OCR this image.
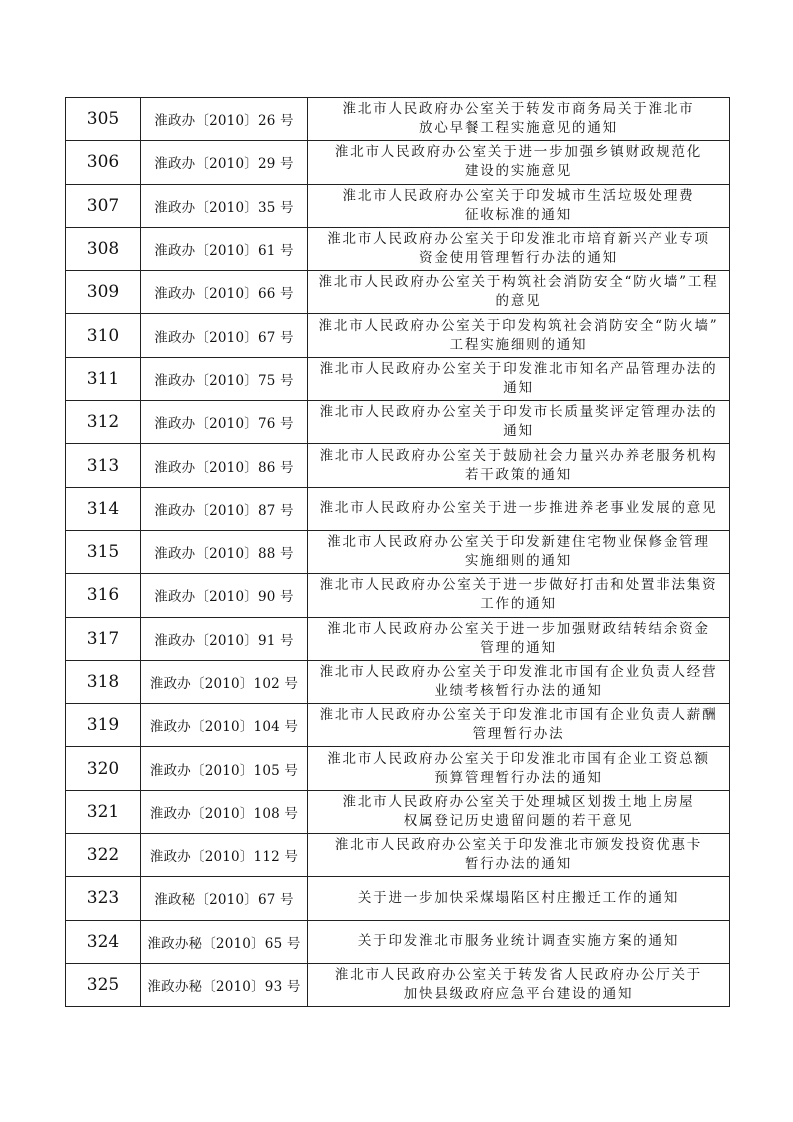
305	淮政办〔2010〕26 号	淮北市人民政府办公室关于转发市商务局关于淮北市
放心早餐工程实施意见的通知

306	淮政办〔2010〕29 号	淮北市人民政府办公室关于进一步加强乡镇财政规范化
建设的实施意见

307	淮政办〔2010〕35 号	淮北市人民政府办公室关于印发城市生活垃圾处理费
征收标准的通知

308	淮政办〔2010〕61 号	淮北市人民政府办公室关于印发淮北市培育新兴产业专项
资金使用管理暂行办法的通知

309	淮政办〔2010〕66 号	淮北市人民政府办公室关于构筑社会消防安全“防火墙”工程
的意见

310	淮政办〔2010〕67 号	淮北市人民政府办公室关于印发构筑社会消防安全“防火墙”
工程实施细则的通知

311	淮政办〔2010〕75 号	淮北市人民政府办公室关于印发淮北市知名产品管理办法的
通知

312	淮政办〔2010〕76 号	淮北市人民政府办公室关于印发市长质量奖评定管理办法的
通知

313	淮政办〔2010〕86 号	淮北市人民政府办公室关于鼓励社会力量兴办养老服务机构
若干政策的通知

314	淮政办〔2010〕87 号	淮北市人民政府办公室关于进一步推进养老事业发展的意见

315	淮政办〔2010〕88 号	淮北市人民政府办公室关于印发新建住宅物业保修金管理
实施细则的通知

316	淮政办〔2010〕90 号	淮北市人民政府办公室关于进一步做好打击和处置非法集资
工作的通知

317	淮政办〔2010〕91 号	淮北市人民政府办公室关于进一步加强财政结转结余资金
管理的通知

318	淮政办〔2010〕102 号	淮北市人民政府办公室关于印发淮北市国有企业负责人经营
业绩考核暂行办法的通知

319	淮政办〔2010〕104 号	淮北市人民政府办公室关于印发淮北市国有企业负责人薪酬
管理暂行办法

320	淮政办〔2010〕105 号	淮北市人民政府办公室关于印发淮北市国有企业工资总额
预算管理暂行办法的通知

321	淮政办〔2010〕108 号	淮北市人民政府办公室关于处理城区划拨土地上房屋
权属登记历史遗留问题的若干意见

322	淮政办〔2010〕112 号	淮北市人民政府办公室关于印发淮北市颁发投资优惠卡
暂行办法的通知

323	淮政秘〔2010〕67 号	关于进一步加快采煤塌陷区村庄搬迁工作的通知

324	淮政办秘〔2010〕65 号	关于印发淮北市服务业统计调查实施方案的通知

325	淮政办秘〔2010〕93 号	淮北市人民政府办公室关于转发省人民政府办公厅关于
加快县级政府应急平台建设的通知
